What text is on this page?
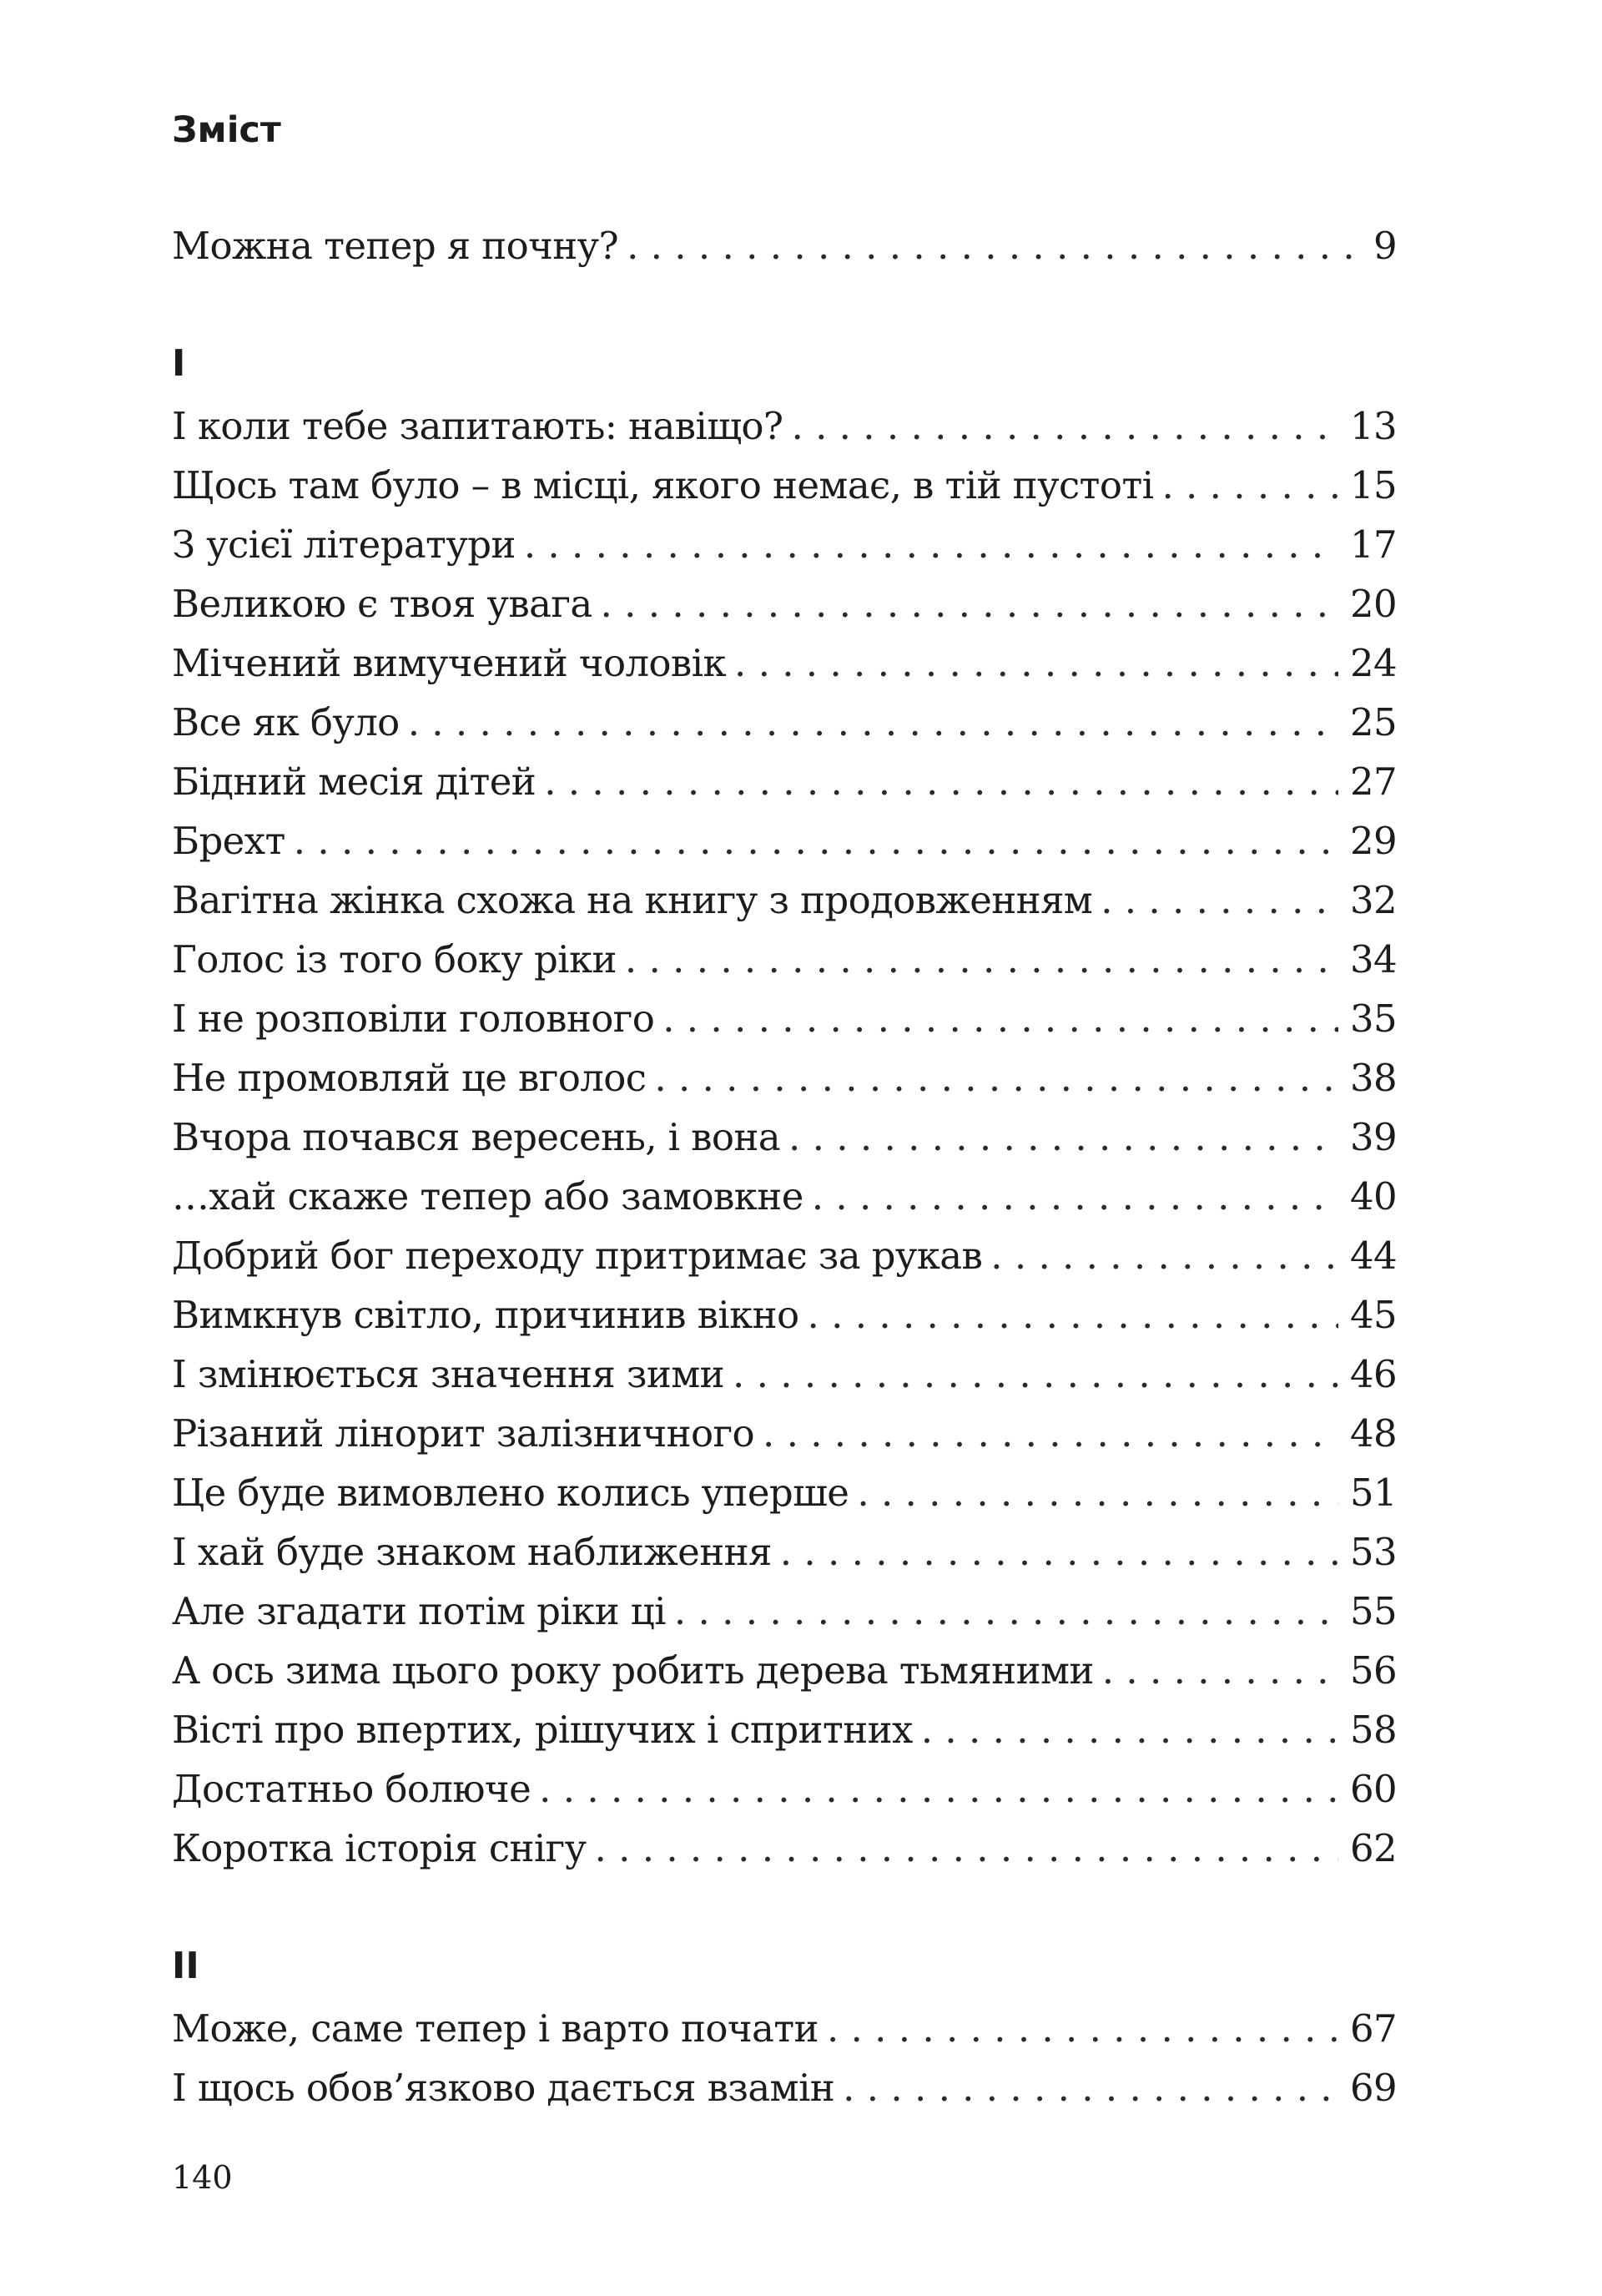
Зміст
Можна тепер я почну? . . .	9
I
І коли тебе запитають: навіщо? . . .	13
Щось там було – в місці, якого немає, в тій пустоті . . .	15
З усієї літератури . . .	17
Великою є твоя увага . . .	20
Мічений вимучений чоловік . . .	24
Все як було . . .	25
Бідний месія дітей . . .	27
Брехт . . .	29
Вагітна жінка схожа на книгу з продовженням . . .	32
Голос із того боку ріки . . .	34
І не розповіли головного . . .	35
Не промовляй це вголос . . .	38
Вчора почався вересень, і вона . . .	39
…хай скаже тепер або замовкне . . .	40
Добрий бог переходу притримає за рукав . . .	44
Вимкнув світло, причинив вікно . . .	45
І змінюється значення зими . . .	46
Різаний лінорит залізничного . . .	48
Це буде вимовлено колись уперше . . .	51
І хай буде знаком наближення . . .	53
Але згадати потім ріки ці . . .	55
А ось зима цього року робить дерева тьмяними . . .	56
Вісті про впертих, рішучих і спритних . . .	58
Достатньо болюче . . .	60
Коротка історія снігу . . .	62
II
Може, саме тепер і варто почати . . .	67
І щось обов’язково дається взамін . . .	69
140
